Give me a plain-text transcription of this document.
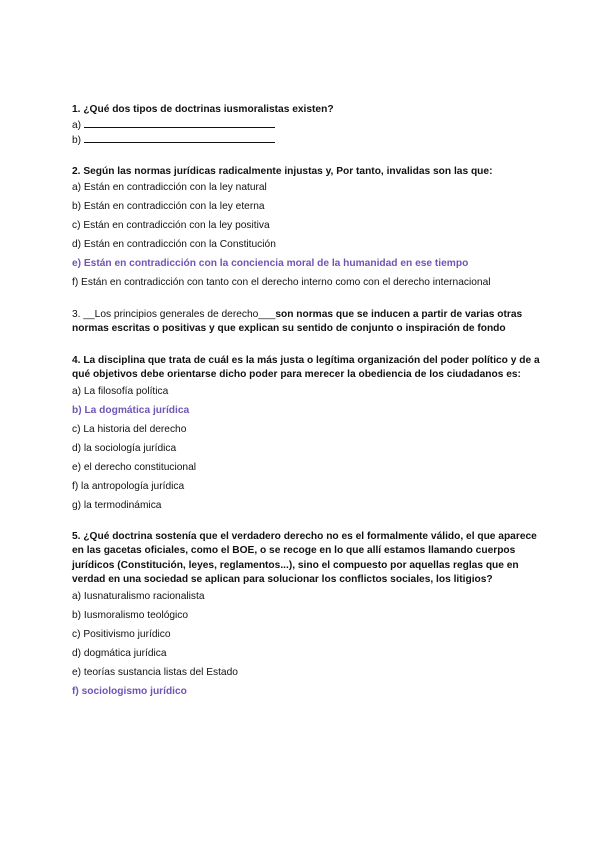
1. ¿Qué dos tipos de doctrinas iusmoralistas existen?
a)
b)
2. Según las normas jurídicas radicalmente injustas y, Por tanto, invalidas son las que:
a) Están en contradicción con la ley natural
b) Están en contradicción con la ley eterna
c) Están en contradicción con la ley positiva
d) Están en contradicción con la Constitución
e) Están en contradicción con la conciencia moral de la humanidad en ese tiempo
f) Están en contradicción con tanto con el derecho interno como con el derecho internacional
3. __Los principios generales de derecho___son normas que se inducen a partir de varias otras normas escritas o positivas y que explican su sentido de conjunto o inspiración de fondo
4. La disciplina que trata de cuál es la más justa o legítima organización del poder político y de a qué objetivos debe orientarse dicho poder para merecer la obediencia de los ciudadanos es:
a) La filosofía política
b) La dogmática jurídica
c) La historia del derecho
d) la sociología jurídica
e) el derecho constitucional
f) la antropología jurídica
g) la termodinámica
5. ¿Qué doctrina sostenía que el verdadero derecho no es el formalmente válido, el que aparece en las gacetas oficiales, como el BOE, o se recoge en lo que allí estamos llamando cuerpos jurídicos (Constitución, leyes, reglamentos...), sino el compuesto por aquellas reglas que en verdad en una sociedad se aplican para solucionar los conflictos sociales, los litigios?
a) Iusnaturalismo racionalista
b) Iusmoralismo teológico
c) Positivismo jurídico
d) dogmática jurídica
e) teorías sustancia listas del Estado
f) sociologismo jurídico
